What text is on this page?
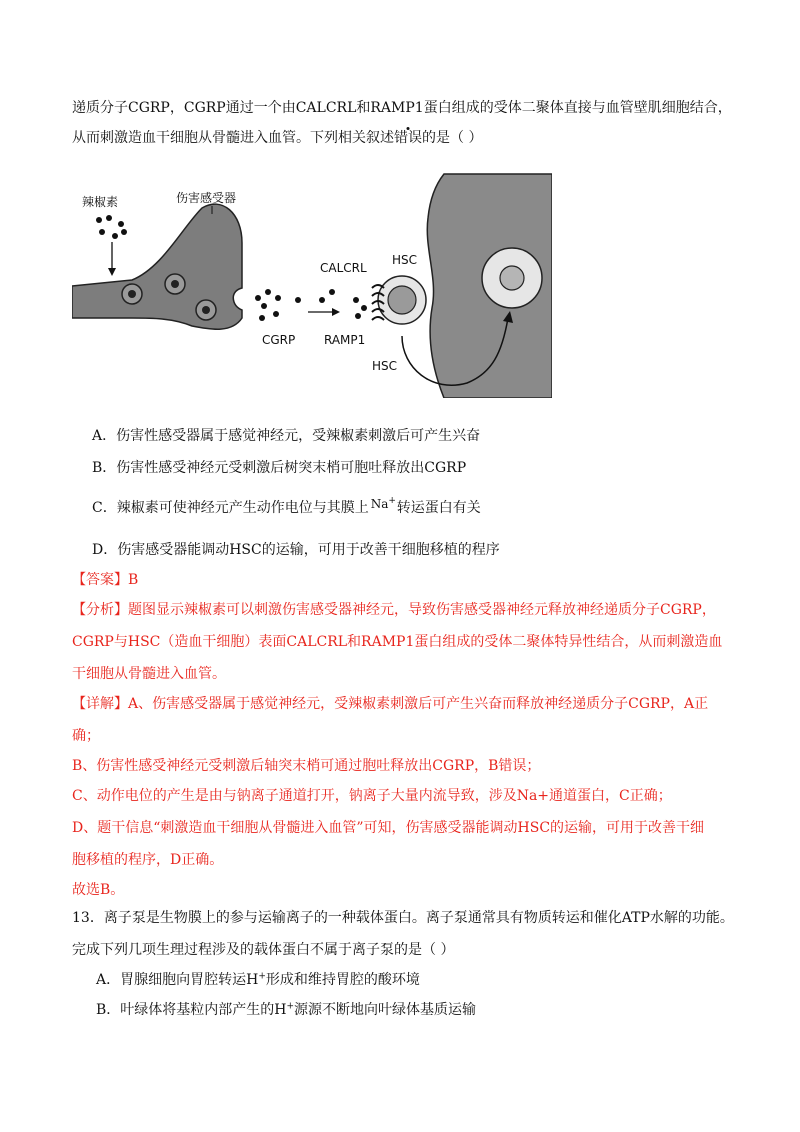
递质分子CGRP，CGRP通过一个由CALCRL和RAMP1蛋白组成的受体二聚体直接与血管壁肌细胞结合，
从而刺激造血干细胞从骨髓进入血管。下列相关叙述错误的是（ ）
辣椒素	伤害感受器
CGRP
CALCRL
RAMP1
HSC
HSC
A．伤害性感受器属于感觉神经元，受辣椒素刺激后可产生兴奋
B．伤害性感受神经元受刺激后树突末梢可胞吐释放出CGRP
C．辣椒素可使神经元产生动作电位与其膜上 Na+ 转运蛋白有关
D．伤害感受器能调动HSC的运输，可用于改善干细胞移植的程序
【答案】B
【分析】题图显示辣椒素可以刺激伤害感受器神经元，导致伤害感受器神经元释放神经递质分子CGRP，
CGRP与HSC（造血干细胞）表面CALCRL和RAMP1蛋白组成的受体二聚体特异性结合，从而刺激造血
干细胞从骨髓进入血管。
【详解】A、伤害感受器属于感觉神经元，受辣椒素刺激后可产生兴奋而释放神经递质分子CGRP，A正
确；
B、伤害性感受神经元受刺激后轴突末梢可通过胞吐释放出CGRP，B错误；
C、动作电位的产生是由与钠离子通道打开，钠离子大量内流导致，涉及Na+通道蛋白，C正确；
D、题干信息“刺激造血干细胞从骨髓进入血管”可知，伤害感受器能调动HSC的运输，可用于改善干细
胞移植的程序，D正确。
故选B。
13．离子泵是生物膜上的参与运输离子的一种载体蛋白。离子泵通常具有物质转运和催化ATP水解的功能。
完成下列几项生理过程涉及的载体蛋白不属于离子泵的是（ ）
A．胃腺细胞向胃腔转运H+形成和维持胃腔的酸环境
B．叶绿体将基粒内部产生的H+源源不断地向叶绿体基质运输
